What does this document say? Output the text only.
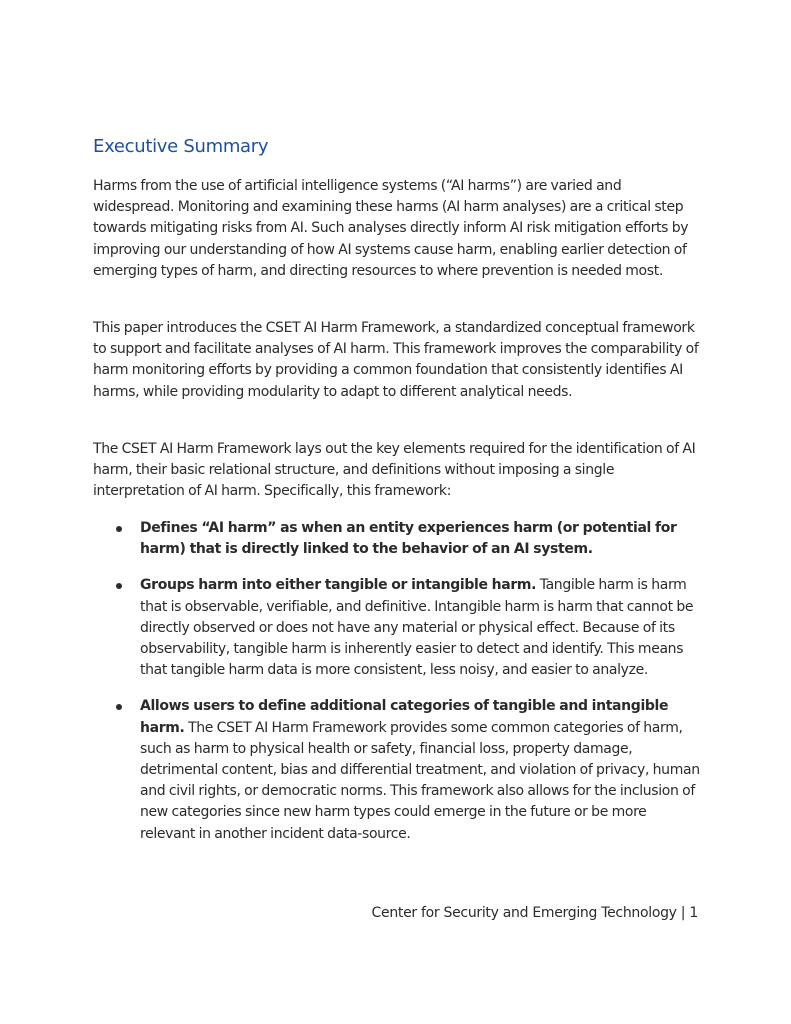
Executive Summary

Harms from the use of artificial intelligence systems (“AI harms”) are varied and widespread. Monitoring and examining these harms (AI harm analyses) are a critical step towards mitigating risks from AI. Such analyses directly inform AI risk mitigation efforts by improving our understanding of how AI systems cause harm, enabling earlier detection of emerging types of harm, and directing resources to where prevention is needed most.

This paper introduces the CSET AI Harm Framework, a standardized conceptual framework to support and facilitate analyses of AI harm. This framework improves the comparability of harm monitoring efforts by providing a common foundation that consistently identifies AI harms, while providing modularity to adapt to different analytical needs.

The CSET AI Harm Framework lays out the key elements required for the identification of AI harm, their basic relational structure, and definitions without imposing a single interpretation of AI harm. Specifically, this framework:

Defines “AI harm” as when an entity experiences harm (or potential for harm) that is directly linked to the behavior of an AI system.
Groups harm into either tangible or intangible harm. Tangible harm is harm that is observable, verifiable, and definitive. Intangible harm is harm that cannot be directly observed or does not have any material or physical effect. Because of its observability, tangible harm is inherently easier to detect and identify. This means that tangible harm data is more consistent, less noisy, and easier to analyze.
Allows users to define additional categories of tangible and intangible harm. The CSET AI Harm Framework provides some common categories of harm, such as harm to physical health or safety, financial loss, property damage, detrimental content, bias and differential treatment, and violation of privacy, human and civil rights, or democratic norms. This framework also allows for the inclusion of new categories since new harm types could emerge in the future or be more relevant in another incident data-source.
Center for Security and Emerging Technology | 1
